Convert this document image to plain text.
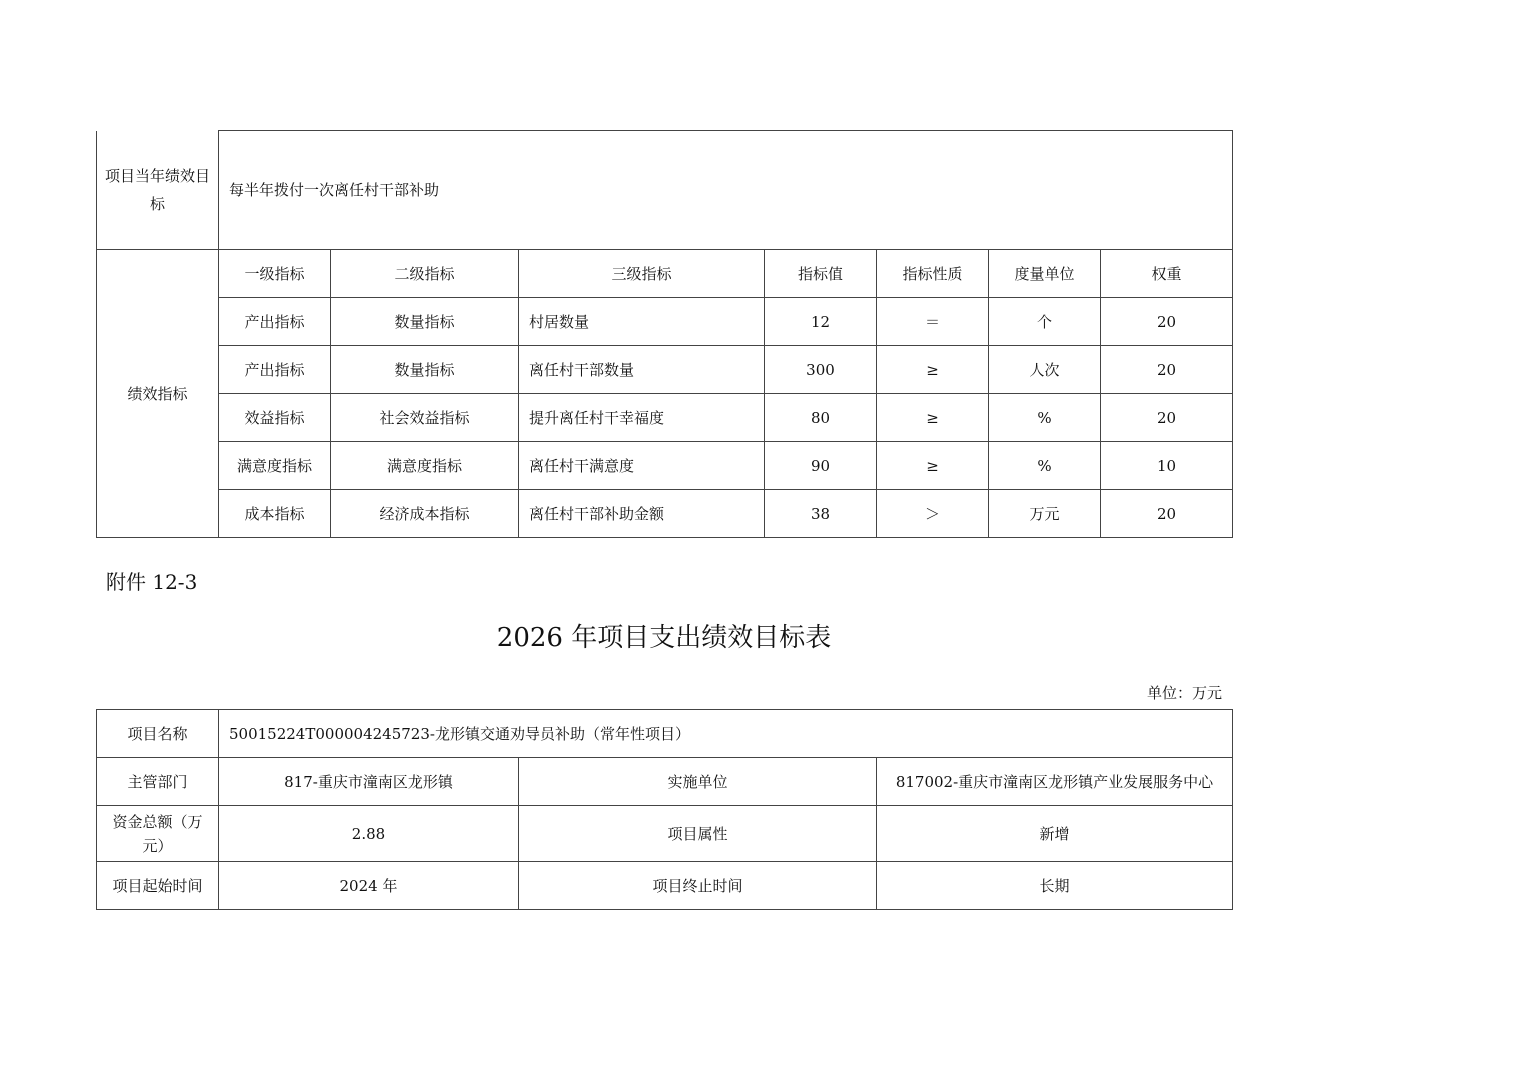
项目当年绩效目标	每半年拨付一次离任村干部补助						
绩效指标	一级指标	二级指标	三级指标	指标值	指标性质	度量单位	权重
	产出指标	数量指标	村居数量	12	＝	个	20
	产出指标	数量指标	离任村干部数量	300	≥	人次	20
	效益指标	社会效益指标	提升离任村干幸福度	80	≥	%	20
	满意度指标	满意度指标	离任村干满意度	90	≥	%	10
	成本指标	经济成本指标	离任村干部补助金额	38	＞	万元	20
附件 12-3
2026 年项目支出绩效目标表
单位：万元
项目名称	50015224T000004245723-龙形镇交通劝导员补助（常年性项目）		
主管部门	817-重庆市潼南区龙形镇	实施单位	817002-重庆市潼南区龙形镇产业发展服务中心
资金总额（万元）	2.88	项目属性	新增
项目起始时间	2024 年	项目终止时间	长期
